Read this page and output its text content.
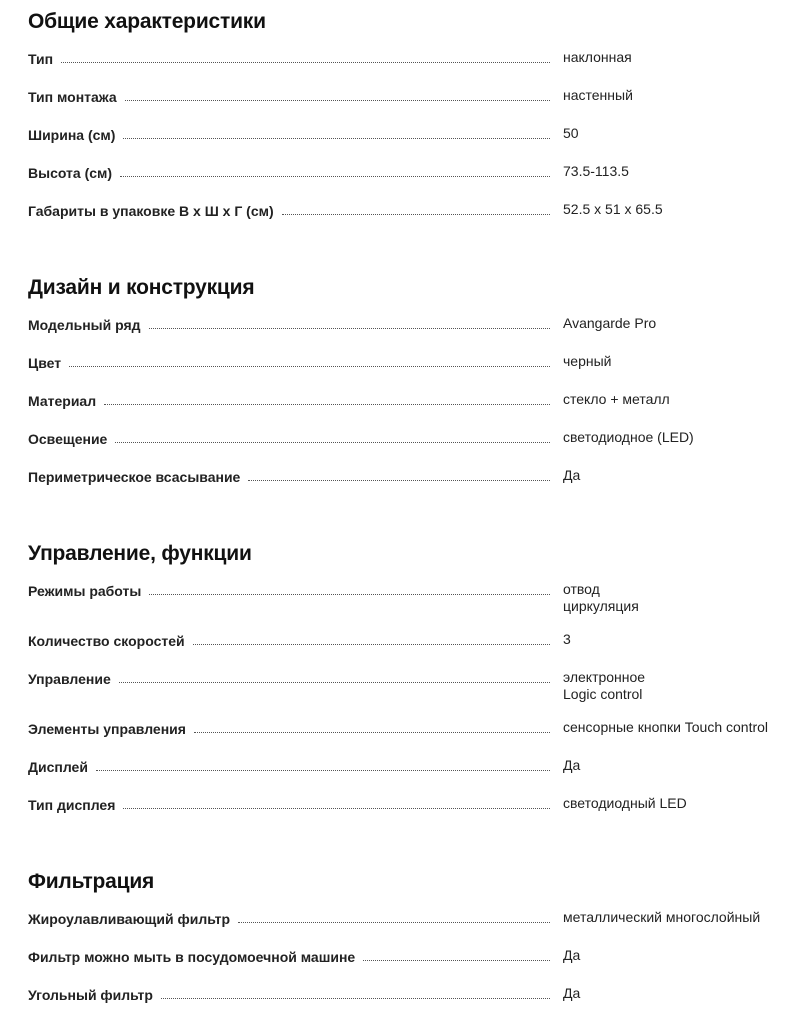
Общие характеристики
Тип	наклонная
Тип монтажа	настенный
Ширина (см)	50
Высота (см)	73.5-113.5
Габариты в упаковке В x Ш x Г (см)	52.5 x 51 x 65.5
Дизайн и конструкция
Модельный ряд	Avangarde Pro
Цвет	черный
Материал	стекло + металл
Освещение	светодиодное (LED)
Периметрическое всасывание	Да
Управление, функции
Режимы работы	отвод
циркуляция
Количество скоростей	3
Управление	электронное
Logic control
Элементы управления	сенсорные кнопки Touch control
Дисплей	Да
Тип дисплея	светодиодный LED
Фильтрация
Жироулавливающий фильтр	металлический многослойный
Фильтр можно мыть в посудомоечной машине	Да
Угольный фильтр	Да
